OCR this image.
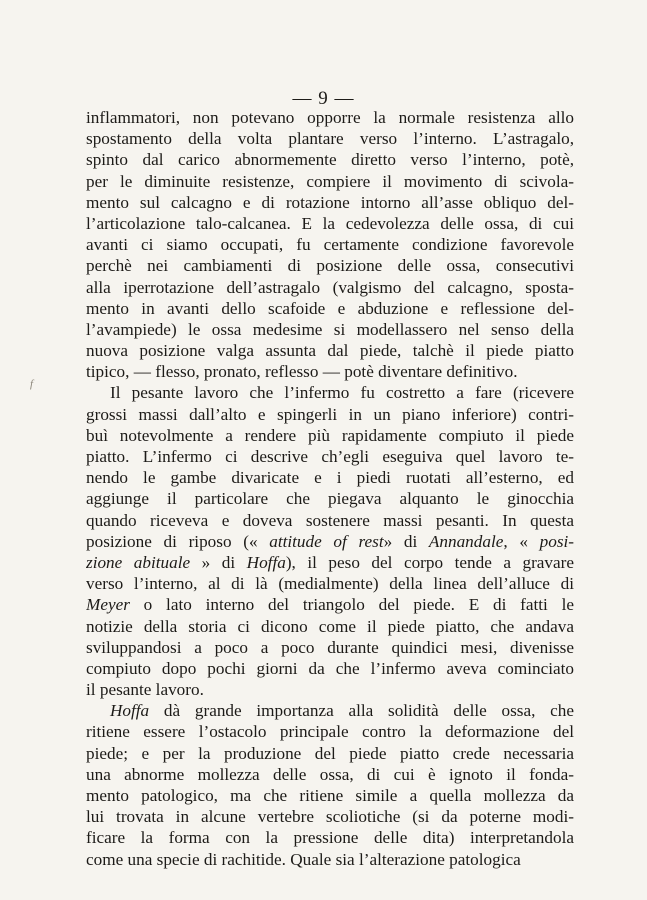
— 9 —
f
inflammatori, non potevano opporre la normale resistenza allo
spostamento della volta plantare verso l’interno. L’astragalo,
spinto dal carico abnormemente diretto verso l’interno, potè,
per le diminuite resistenze, compiere il movimento di scivola-
mento sul calcagno e di rotazione intorno all’asse obliquo del-
l’articolazione talo-calcanea. E la cedevolezza delle ossa, di cui
avanti ci siamo occupati, fu certamente condizione favorevole
perchè nei cambiamenti di posizione delle ossa, consecutivi
alla iperrotazione dell’astragalo (valgismo del calcagno, sposta-
mento in avanti dello scafoide e abduzione e reflessione del-
l’avampiede) le ossa medesime si modellassero nel senso della
nuova posizione valga assunta dal piede, talchè il piede piatto
tipico, — flesso, pronato, reflesso — potè diventare definitivo.
Il pesante lavoro che l’infermo fu costretto a fare (ricevere
grossi massi dall’alto e spingerli in un piano inferiore) contri-
buì notevolmente a rendere più rapidamente compiuto il piede
piatto. L’infermo ci descrive ch’egli eseguiva quel lavoro te-
nendo le gambe divaricate e i piedi ruotati all’esterno, ed
aggiunge il particolare che piegava alquanto le ginocchia
quando riceveva e doveva sostenere massi pesanti. In questa
posizione di riposo (« attitude of rest» di Annandale, « posi-
zione abituale » di Hoffa), il peso del corpo tende a gravare
verso l’interno, al di là (medialmente) della linea dell’alluce di
Meyer o lato interno del triangolo del piede. E di fatti le
notizie della storia ci dicono come il piede piatto, che andava
sviluppandosi a poco a poco durante quindici mesi, divenisse
compiuto dopo pochi giorni da che l’infermo aveva cominciato
il pesante lavoro.
Hoffa dà grande importanza alla solidità delle ossa, che
ritiene essere l’ostacolo principale contro la deformazione del
piede; e per la produzione del piede piatto crede necessaria
una abnorme mollezza delle ossa, di cui è ignoto il fonda-
mento patologico, ma che ritiene simile a quella mollezza da
lui trovata in alcune vertebre scoliotiche (si da poterne modi-
ficare la forma con la pressione delle dita) interpretandola
come una specie di rachitide. Quale sia l’alterazione patologica
